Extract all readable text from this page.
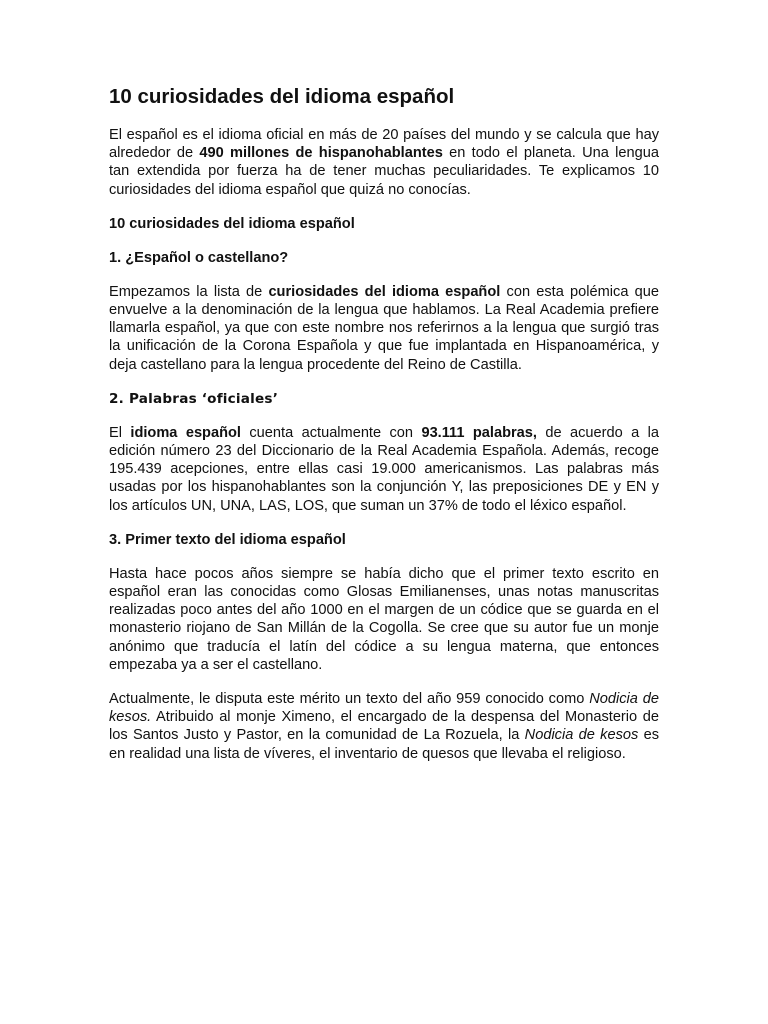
10 curiosidades del idioma español

El español es el idioma oficial en más de 20 países del mundo y se calcula que hay alrededor de 490 millones de hispanohablantes en todo el planeta. Una lengua tan extendida por fuerza ha de tener muchas peculiaridades. Te explicamos 10 curiosidades del idioma español que quizá no conocías.

10 curiosidades del idioma español
1. ¿Español o castellano?

Empezamos la lista de curiosidades del idioma español con esta polémica que envuelve a la denominación de la lengua que hablamos. La Real Academia prefiere llamarla español, ya que con este nombre nos referirnos a la lengua que surgió tras la unificación de la Corona Española y que fue implantada en Hispanoamérica, y deja castellano para la lengua procedente del Reino de Castilla.

2. Palabras ‘oficiales’

El idioma español cuenta actualmente con 93.111 palabras, de acuerdo a la edición número 23 del Diccionario de la Real Academia Española. Además, recoge 195.439 acepciones, entre ellas casi 19.000 americanismos. Las palabras más usadas por los hispanohablantes son la conjunción Y, las preposiciones DE y EN y los artículos UN, UNA, LAS, LOS, que suman un 37% de todo el léxico español.

3. Primer texto del idioma español

Hasta hace pocos años siempre se había dicho que el primer texto escrito en español eran las conocidas como Glosas Emilianenses, unas notas manuscritas realizadas poco antes del año 1000 en el margen de un códice que se guarda en el monasterio riojano de San Millán de la Cogolla. Se cree que su autor fue un monje anónimo que traducía el latín del códice a su lengua materna, que entonces empezaba ya a ser el castellano.

Actualmente, le disputa este mérito un texto del año 959 conocido como Nodicia de kesos. Atribuido al monje Ximeno, el encargado de la despensa del Monasterio de los Santos Justo y Pastor, en la comunidad de La Rozuela, la Nodicia de kesos es en realidad una lista de víveres, el inventario de quesos que llevaba el religioso.
